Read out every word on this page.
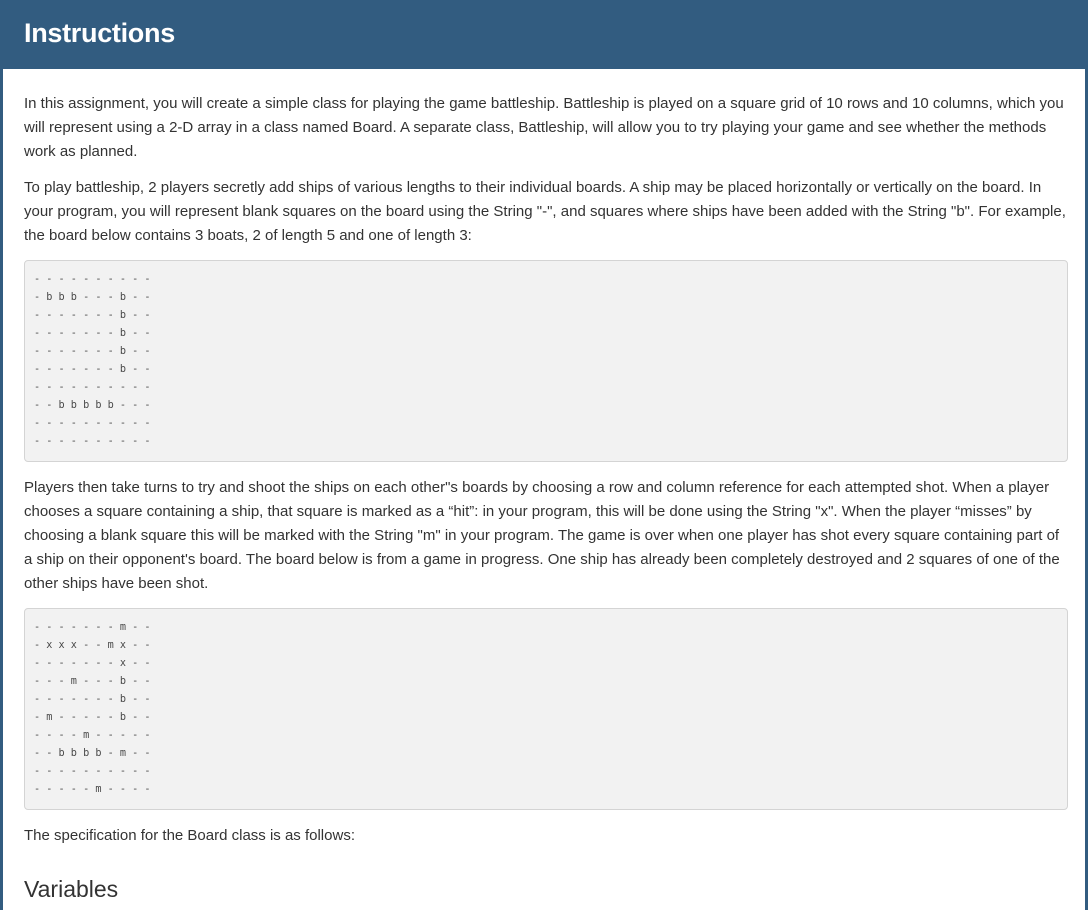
Instructions

In this assignment, you will create a simple class for playing the game battleship. Battleship is played on a square grid of 10 rows and 10 columns, which you will represent using a 2-D array in a class named Board. A separate class, Battleship, will allow you to try playing your game and see whether the methods work as planned.

To play battleship, 2 players secretly add ships of various lengths to their individual boards. A ship may be placed horizontally or vertically on the board. In your program, you will represent blank squares on the board using the String "-", and squares where ships have been added with the String "b". For example, the board below contains 3 boats, 2 of length 5 and one of length 3:

- - - - - - - - - -
- b b b - - - b - -
- - - - - - - b - -
- - - - - - - b - -
- - - - - - - b - -
- - - - - - - b - -
- - - - - - - - - -
- - b b b b b - - -
- - - - - - - - - -
- - - - - - - - - -

Players then take turns to try and shoot the ships on each other"s boards by choosing a row and column reference for each attempted shot. When a player chooses a square containing a ship, that square is marked as a “hit”: in your program, this will be done using the String "x". When the player “misses” by choosing a blank square this will be marked with the String "m" in your program. The game is over when one player has shot every square containing part of a ship on their opponent's board. The board below is from a game in progress. One ship has already been completely destroyed and 2 squares of one of the other ships have been shot.

- - - - - - - m - -
- x x x - - m x - -
- - - - - - - x - -
- - - m - - - b - -
- - - - - - - b - -
- m - - - - - b - -
- - - - m - - - - -
- - b b b b - m - -
- - - - - - - - - -
- - - - - m - - - -

The specification for the Board class is as follows:

Variables
